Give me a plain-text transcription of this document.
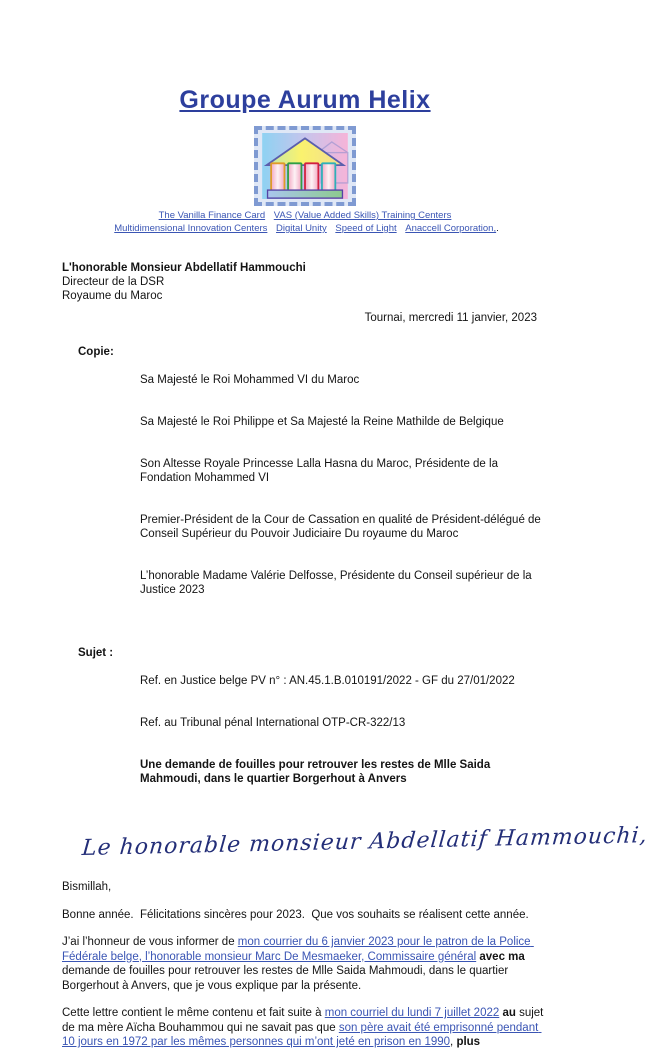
Groupe Aurum Helix
The Vanilla Finance Card VAS (Value Added Skills) Training Centers
Multidimensional Innovation Centers Digital Unity Speed of Light Anaccell Corporation,.
L'honorable Monsieur Abdellatif Hammouchi
Directeur de la DSR
Royaume du Maroc
Tournai, mercredi 11 janvier, 2023
Copie:

Sa Majesté le Roi Mohammed VI du Maroc

Sa Majesté le Roi Philippe et Sa Majesté la Reine Mathilde de Belgique

Son Altesse Royale Princesse Lalla Hasna du Maroc, Présidente de la Fondation Mohammed VI

Premier-Président de la Cour de Cassation en qualité de Président-délégué de Conseil Supérieur du Pouvoir Judiciaire Du royaume du Maroc

L’honorable Madame Valérie Delfosse, Présidente du Conseil supérieur de la Justice 2023

Sujet :

Ref. en Justice belge PV n° : AN.45.1.B.010191/2022 - GF du 27/01/2022

Ref. au Tribunal pénal International OTP-CR-322/13

Une demande de fouilles pour retrouver les restes de Mlle Saida Mahmoudi, dans le quartier Borgerhout à Anvers

Le honorable monsieur Abdellatif Hammouchi,
Bismillah,
Bonne année.  Félicitations sincères pour 2023.  Que vos souhaits se réalisent cette année.
J’ai l’honneur de vous informer de mon courrier du 6 janvier 2023 pour le patron de la Police Fédérale belge, l’honorable monsieur Marc De Mesmaeker, Commissaire général avec ma demande de fouilles pour retrouver les restes de Mlle Saida Mahmoudi, dans le quartier Borgerhout à Anvers, que je vous explique par la présente.
Cette lettre contient le même contenu et fait suite à mon courriel du lundi 7 juillet 2022 au sujet de ma mère Aïcha Bouhammou qui ne savait pas que son père avait été emprisonné pendant 10 jours en 1972 par les mêmes personnes qui m’ont jeté en prison en 1990, plus
